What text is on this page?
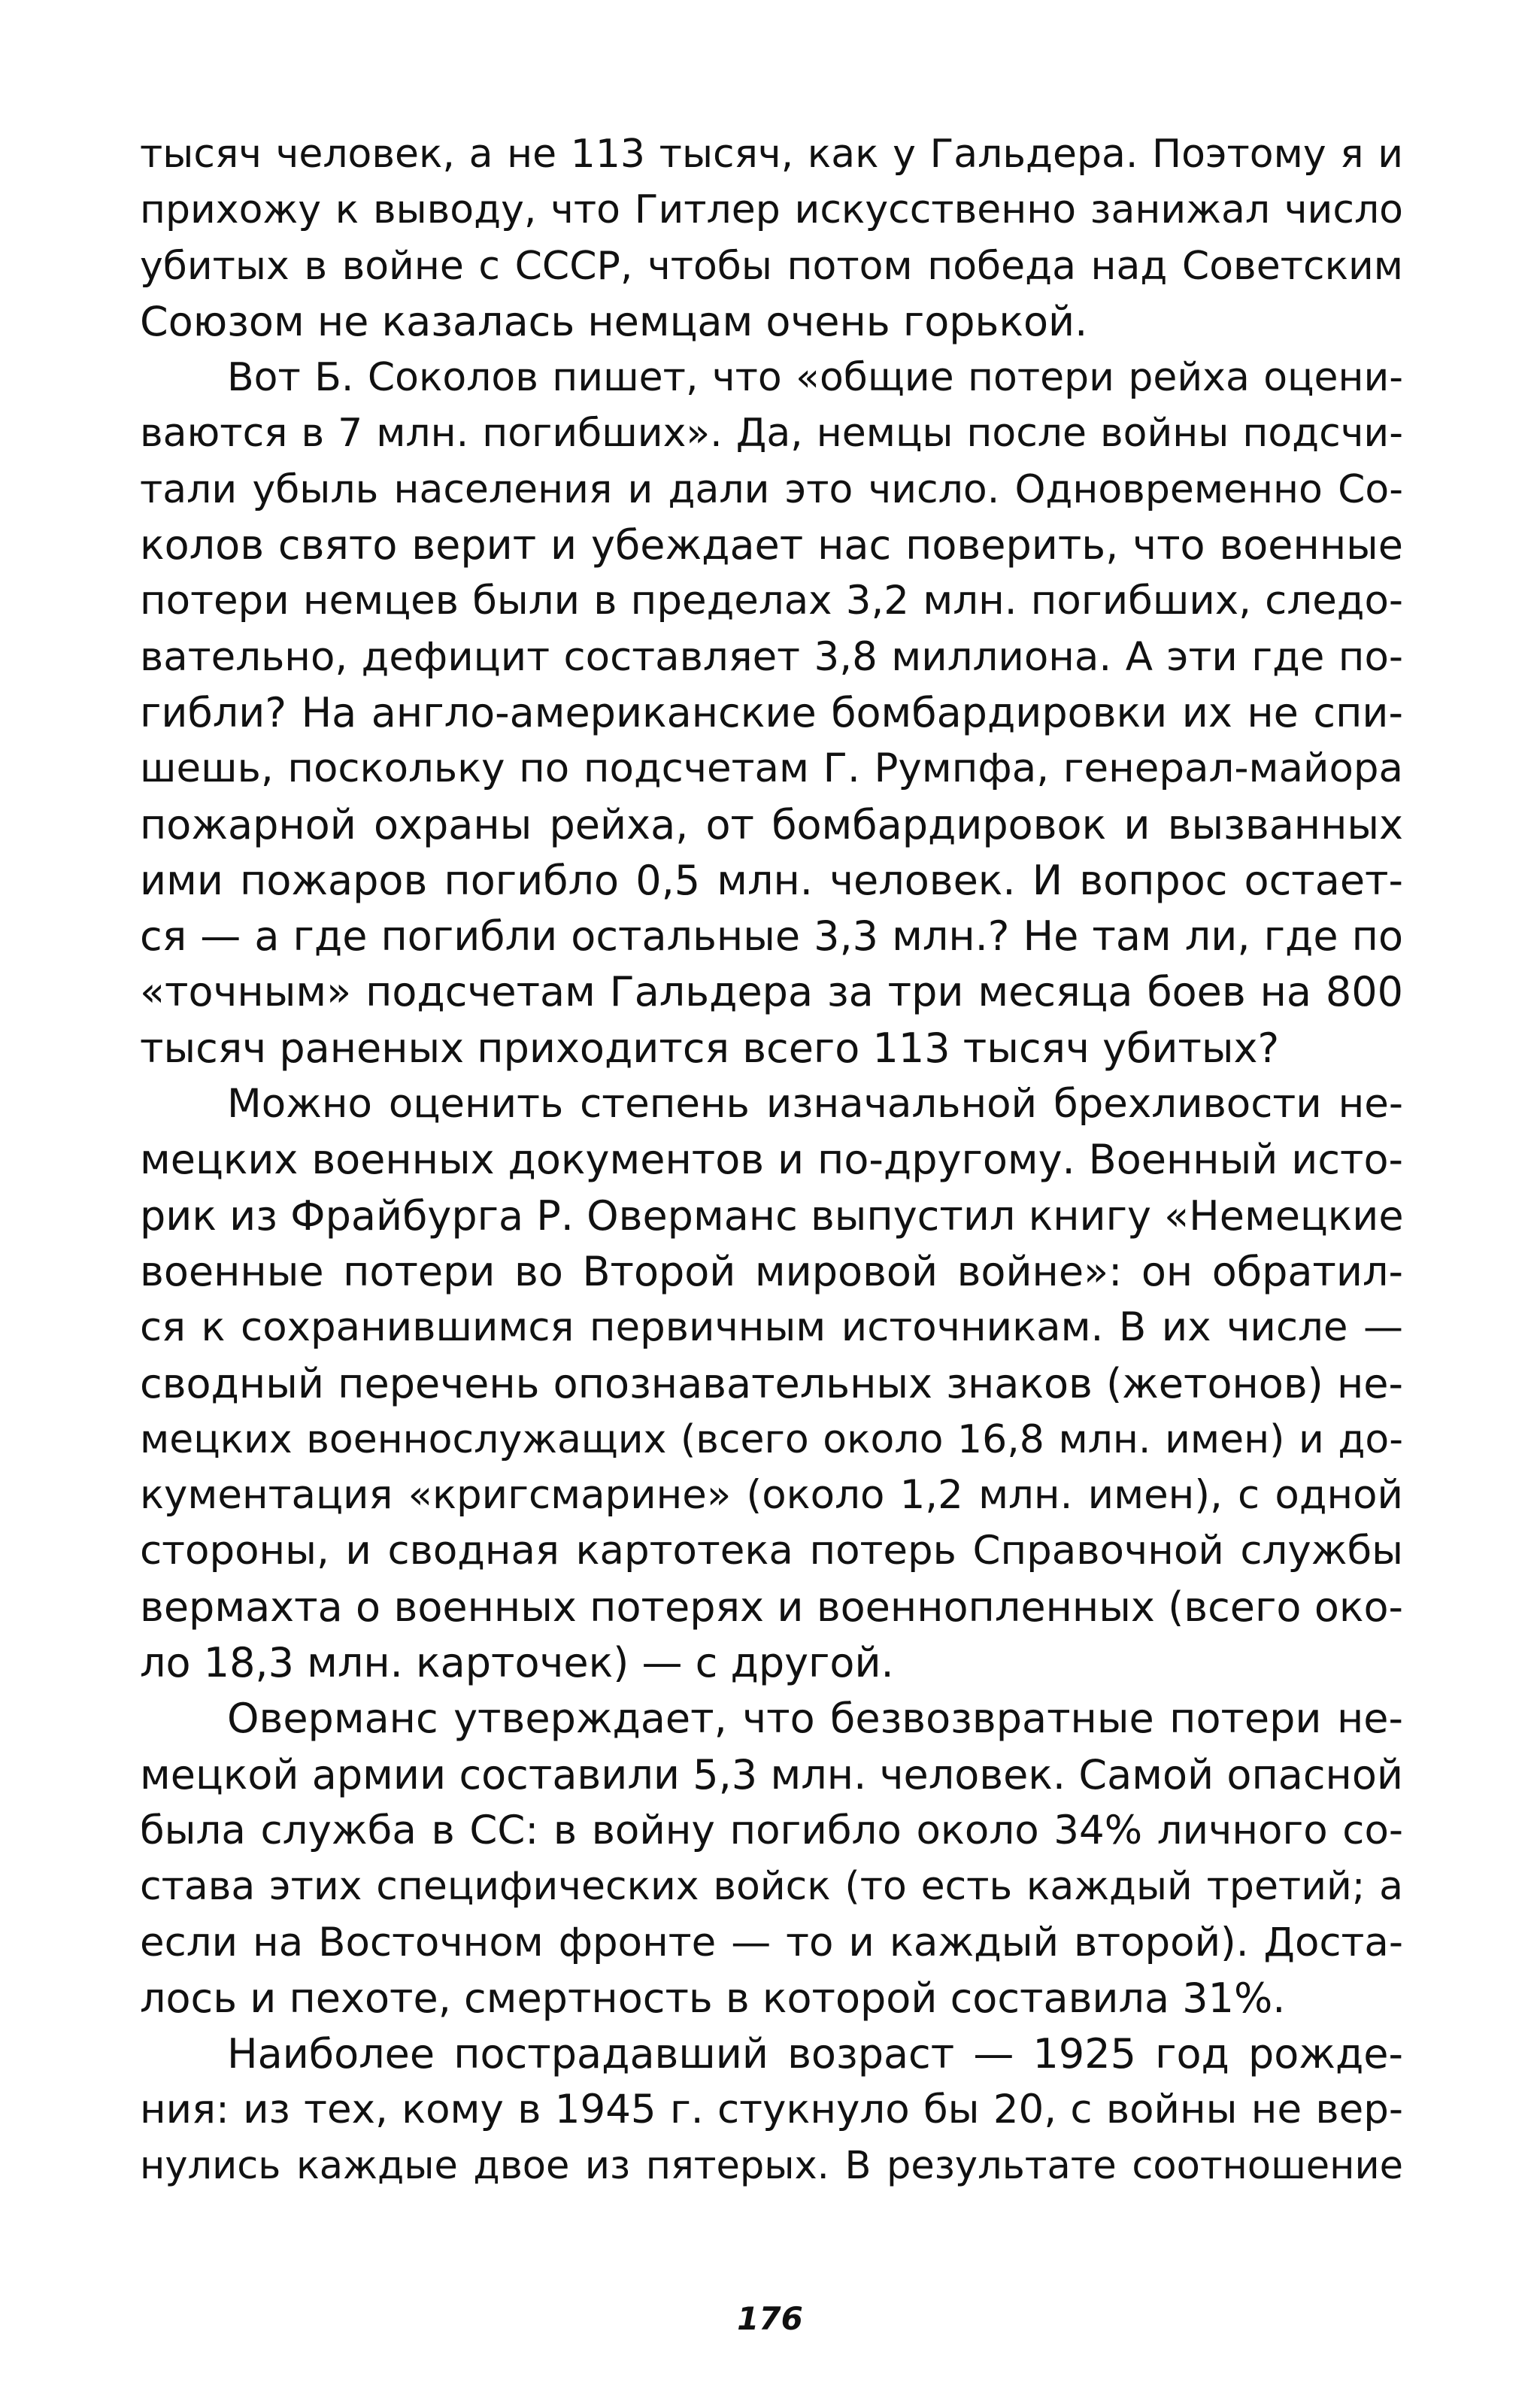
тысяч человек, а не 113 тысяч, как у Гальдера. Поэтому я и
прихожу к выводу, что Гитлер искусственно занижал число
убитых в войне с СССР, чтобы потом победа над Советским
Союзом не казалась немцам очень горькой.
Вот Б. Соколов пишет, что «общие потери рейха оцени-
ваются в 7 млн. погибших». Да, немцы после войны подсчи-
тали убыль населения и дали это число. Одновременно Со-
колов свято верит и убеждает нас поверить, что военные
потери немцев были в пределах 3,2 млн. погибших, следо-
вательно, дефицит составляет 3,8 миллиона. А эти где по-
гибли? На англо-американские бомбардировки их не спи-
шешь, поскольку по подсчетам Г. Румпфа, генерал-майора
пожарной охраны рейха, от бомбардировок и вызванных
ими пожаров погибло 0,5 млн. человек. И вопрос остает-
ся — а где погибли остальные 3,3 млн.? Не там ли, где по
«точным» подсчетам Гальдера за три месяца боев на 800
тысяч раненых приходится всего 113 тысяч убитых?
Можно оценить степень изначальной брехливости не-
мецких военных документов и по-другому. Военный исто-
рик из Фрайбурга Р. Оверманс выпустил книгу «Немецкие
военные потери во Второй мировой войне»: он обратил-
ся к сохранившимся первичным источникам. В их числе —
сводный перечень опознавательных знаков (жетонов) не-
мецких военнослужащих (всего около 16,8 млн. имен) и до-
кументация «кригсмарине» (около 1,2 млн. имен), с одной
стороны, и сводная картотека потерь Справочной службы
вермахта о военных потерях и военнопленных (всего око-
ло 18,3 млн. карточек) — с другой.
Оверманс утверждает, что безвозвратные потери не-
мецкой армии составили 5,3 млн. человек. Самой опасной
была служба в СС: в войну погибло около 34% личного со-
става этих специфических войск (то есть каждый третий; а
если на Восточном фронте — то и каждый второй). Доста-
лось и пехоте, смертность в которой составила 31%.
Наиболее пострадавший возраст — 1925 год рожде-
ния: из тех, кому в 1945 г. стукнуло бы 20, с войны не вер-
нулись каждые двое из пятерых. В результате соотношение
176
